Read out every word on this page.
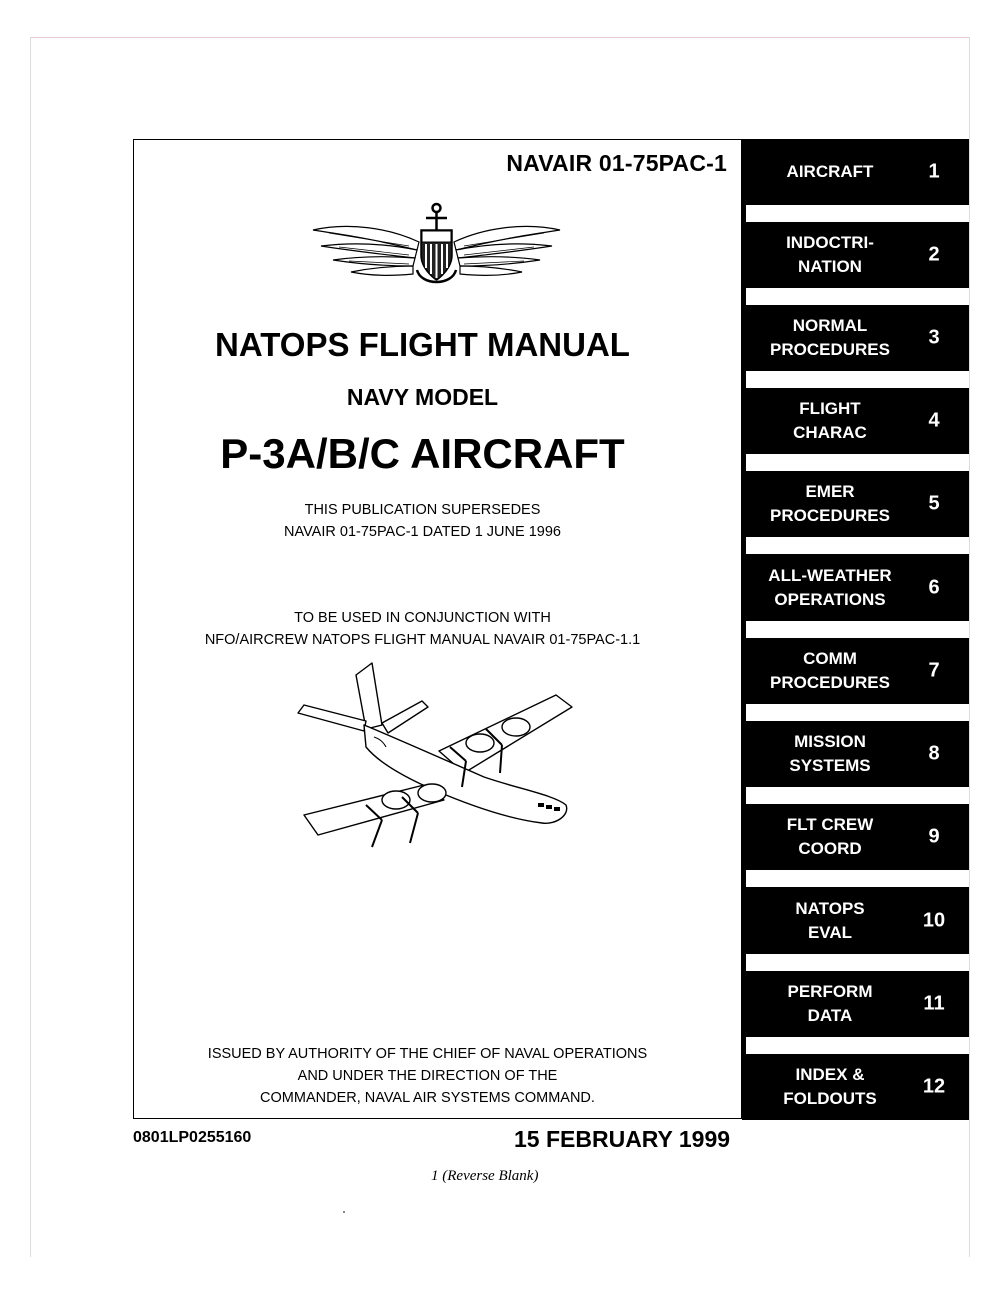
NAVAIR 01-75PAC-1
NATOPS FLIGHT MANUAL
NAVY MODEL
P-3A/B/C AIRCRAFT
THIS PUBLICATION SUPERSEDES
NAVAIR 01-75PAC-1 DATED 1 JUNE 1996
TO BE USED IN CONJUNCTION WITH
NFO/AIRCREW NATOPS FLIGHT MANUAL NAVAIR 01-75PAC-1.1
ISSUED BY AUTHORITY OF THE CHIEF OF NAVAL OPERATIONS
AND UNDER THE DIRECTION OF THE
COMMANDER, NAVAL AIR SYSTEMS COMMAND.
AIRCRAFT	1
INDOCTRI-
NATION
2
NORMAL
PROCEDURES
3
FLIGHT
CHARAC
4
EMER
PROCEDURES
5
ALL-WEATHER
OPERATIONS
6
COMM
PROCEDURES
7
MISSION
SYSTEMS
8
FLT CREW
COORD
9
NATOPS
EVAL
10
PERFORM
DATA
11
INDEX &
FOLDOUTS
12
0801LP0255160	15 FEBRUARY 1999
1 (Reverse Blank)
